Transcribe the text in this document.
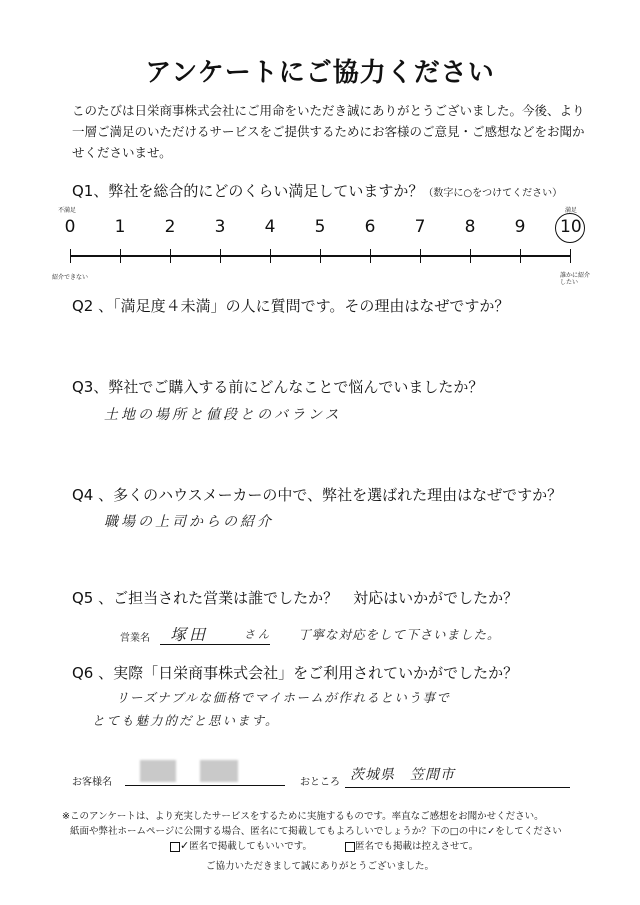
アンケートにご協力ください
このたびは日栄商事株式会社にご用命をいただき誠にありがとうございました。今後、より一層ご満足のいただけるサービスをご提供するためにお客様のご意見・ご感想などをお聞かせくださいませ。
Q1、弊社を総合的にどのくらい満足していますか？（数字に○をつけてください）
不満足	満足
0 1 2 3 4 5 6 7 8 9 10
紹介できない	誰かに紹介したい
Q2 、「満足度４未満」の人に質問です。その理由はなぜですか？
Q3、弊社でご購入する前にどんなことで悩んでいましたか？
土地の場所と値段とのバランス
Q4 、多くのハウスメーカーの中で、弊社を選ばれた理由はなぜですか？
職場の上司からの紹介
Q5 、ご担当された営業は誰でしたか？　対応はいかがでしたか？
営業名 塚田	さん 丁寧な対応をして下さいました。
Q6 、実際「日栄商事株式会社」をご利用されていかがでしたか？
リーズナブルな価格でマイホームが作れるという事で
とても魅力的だと思います。
お客様名	おところ 茨城県　笠間市
※このアンケートは、より充実したサービスをするために実施するものです。率直なご感想をお聞かせください。
紙面や弊社ホームページに公開する場合、匿名にて掲載してもよろしいでしょうか？下の□の中に✓をしてください
✓匿名で掲載してもいいです。	匿名でも掲載は控えさせて。
ご協力いただきまして誠にありがとうございました。
